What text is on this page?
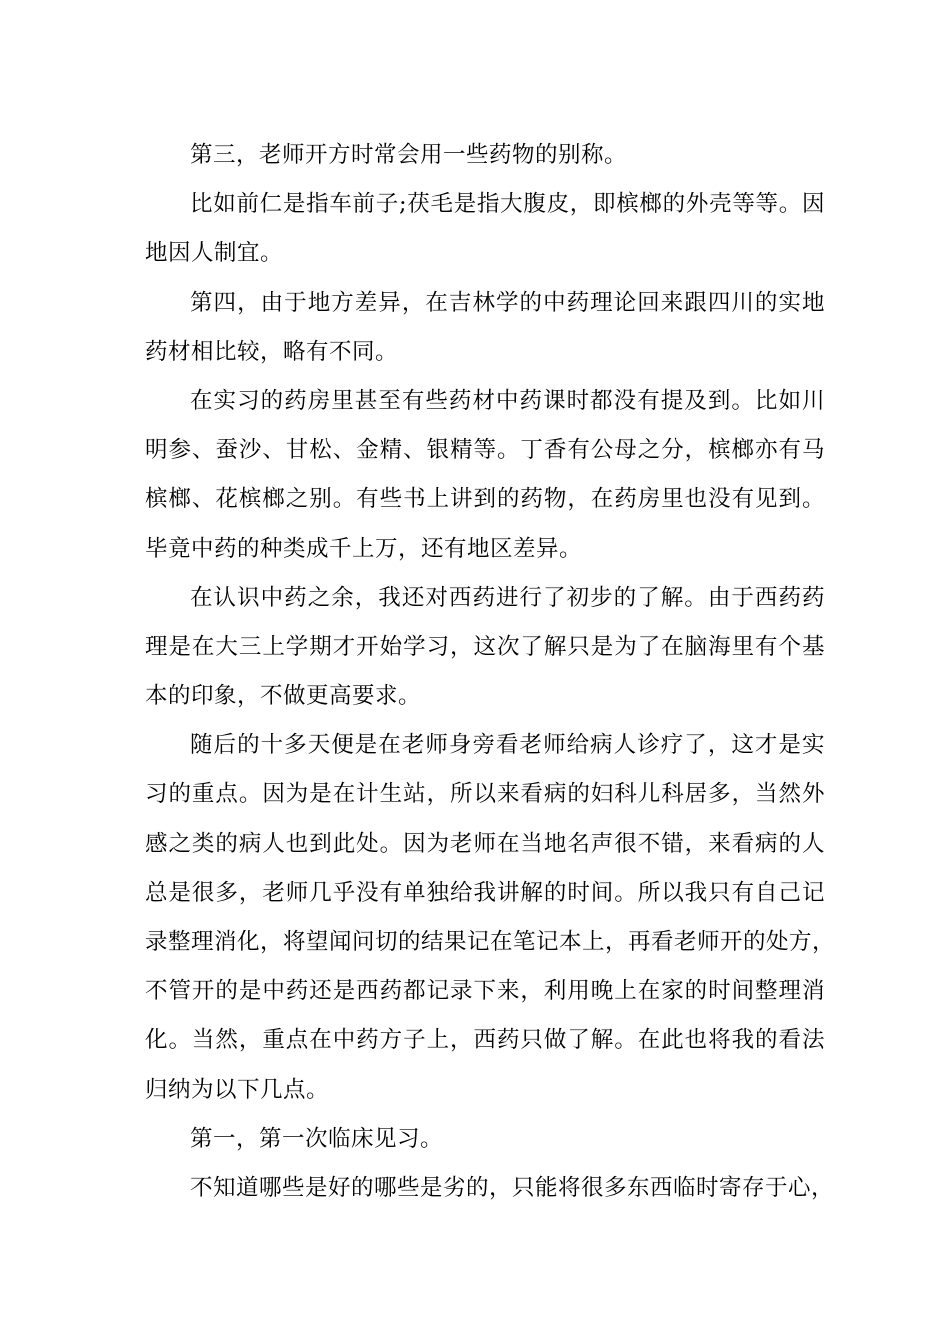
第三，老师开方时常会用一些药物的别称。
比如前仁是指车前子;茯毛是指大腹皮，即槟榔的外壳等等。因
地因人制宜。
第四，由于地方差异，在吉林学的中药理论回来跟四川的实地
药材相比较，略有不同。
在实习的药房里甚至有些药材中药课时都没有提及到。比如川
明参、蚕沙、甘松、金精、银精等。丁香有公母之分，槟榔亦有马
槟榔、花槟榔之别。有些书上讲到的药物，在药房里也没有见到。
毕竟中药的种类成千上万，还有地区差异。
在认识中药之余，我还对西药进行了初步的了解。由于西药药
理是在大三上学期才开始学习，这次了解只是为了在脑海里有个基
本的印象，不做更高要求。
随后的十多天便是在老师身旁看老师给病人诊疗了，这才是实
习的重点。因为是在计生站，所以来看病的妇科儿科居多，当然外
感之类的病人也到此处。因为老师在当地名声很不错，来看病的人
总是很多，老师几乎没有单独给我讲解的时间。所以我只有自己记
录整理消化，将望闻问切的结果记在笔记本上，再看老师开的处方，
不管开的是中药还是西药都记录下来，利用晚上在家的时间整理消
化。当然，重点在中药方子上，西药只做了解。在此也将我的看法
归纳为以下几点。
第一，第一次临床见习。
不知道哪些是好的哪些是劣的，只能将很多东西临时寄存于心，
